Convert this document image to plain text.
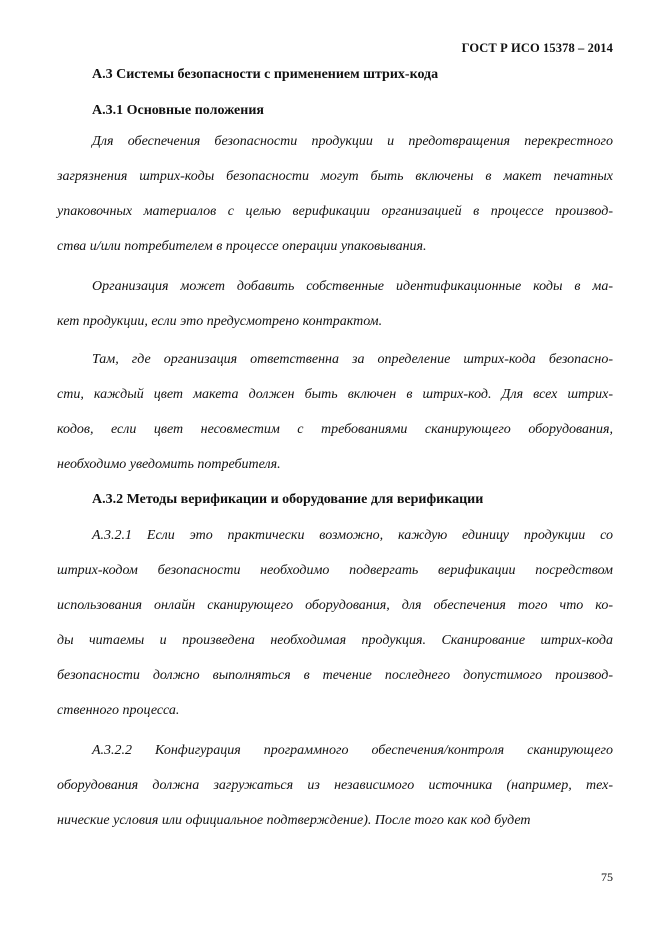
ГОСТ Р ИСО 15378 – 2014
А.3 Системы безопасности с применением штрих-кода
А.3.1 Основные положения
Для обеспечения безопасности продукции и предотвращения перекрестного
загрязнения штрих-коды безопасности могут быть включены в макет печатных
упаковочных материалов с целью верификации организацией в процессе производ-
ства и/или потребителем в процессе операции упаковывания.
Организация может добавить собственные идентификационные коды в ма-
кет продукции, если это предусмотрено контрактом.
Там, где организация ответственна за определение штрих-кода безопасно-
сти, каждый цвет макета должен быть включен в штрих-код. Для всех штрих-
кодов, если цвет несовместим с требованиями сканирующего оборудования,
необходимо уведомить потребителя.
А.3.2.1 Если это практически возможно, каждую единицу продукции со
штрих-кодом безопасности необходимо подвергать верификации посредством
использования онлайн сканирующего оборудования, для обеспечения того что ко-
ды читаемы и произведена необходимая продукция. Сканирование штрих-кода
безопасности должно выполняться в течение последнего допустимого производ-
ственного процесса.
А.3.2.2 Конфигурация программного обеспечения/контроля сканирующего
оборудования должна загружаться из независимого источника (например, тех-
нические условия или официальное подтверждение). После того как код будет
А.3.2 Методы верификации и оборудование для верификации
75
